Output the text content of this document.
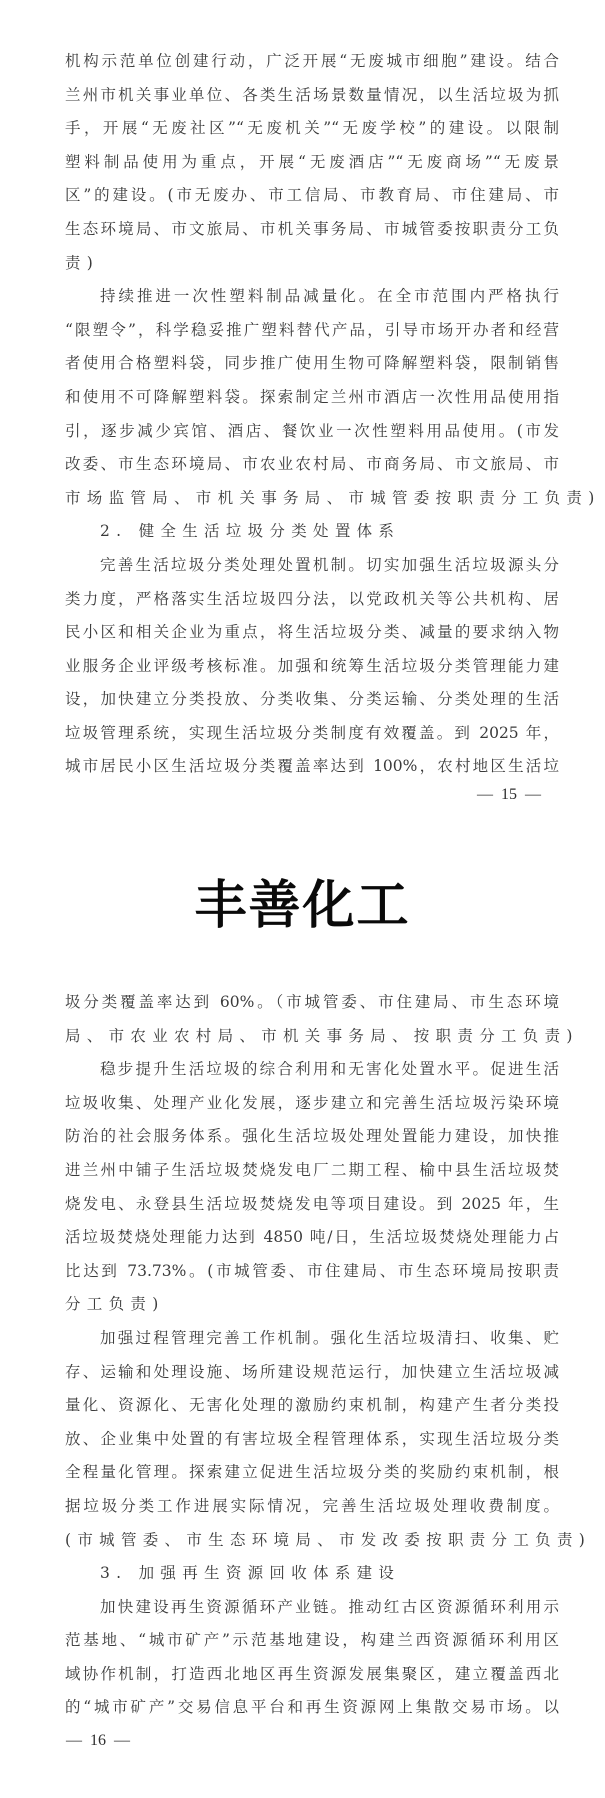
机构示范单位创建行动，广泛开展“无废城市细胞”建设。结合
兰州市机关事业单位、各类生活场景数量情况，以生活垃圾为抓
手，开展“无废社区”“无废机关”“无废学校”的建设。以限制
塑料制品使用为重点，开展“无废酒店”“无废商场”“无废景
区”的建设。(市无废办、市工信局、市教育局、市住建局、市
生态环境局、市文旅局、市机关事务局、市城管委按职责分工负
责)
持续推进一次性塑料制品减量化。在全市范围内严格执行
“限塑令”，科学稳妥推广塑料替代产品，引导市场开办者和经营
者使用合格塑料袋，同步推广使用生物可降解塑料袋，限制销售
和使用不可降解塑料袋。探索制定兰州市酒店一次性用品使用指
引，逐步减少宾馆、酒店、餐饮业一次性塑料用品使用。(市发
改委、市生态环境局、市农业农村局、市商务局、市文旅局、市
市场监管局、市机关事务局、市城管委按职责分工负责)
2. 健全生活垃圾分类处置体系
完善生活垃圾分类处理处置机制。切实加强生活垃圾源头分
类力度，严格落实生活垃圾四分法，以党政机关等公共机构、居
民小区和相关企业为重点，将生活垃圾分类、减量的要求纳入物
业服务企业评级考核标准。加强和统筹生活垃圾分类管理能力建
设，加快建立分类投放、分类收集、分类运输、分类处理的生活
垃圾管理系统，实现生活垃圾分类制度有效覆盖。到 2025 年，
城市居民小区生活垃圾分类覆盖率达到 100%，农村地区生活垃
—  15  —
丰善化工
圾分类覆盖率达到 60%。（市城管委、市住建局、市生态环境
局、市农业农村局、市机关事务局、按职责分工负责)
稳步提升生活垃圾的综合利用和无害化处置水平。促进生活
垃圾收集、处理产业化发展，逐步建立和完善生活垃圾污染环境
防治的社会服务体系。强化生活垃圾处理处置能力建设，加快推
进兰州中铺子生活垃圾焚烧发电厂二期工程、榆中县生活垃圾焚
烧发电、永登县生活垃圾焚烧发电等项目建设。到 2025 年，生
活垃圾焚烧处理能力达到 4850 吨/日，生活垃圾焚烧处理能力占
比达到 73.73%。(市城管委、市住建局、市生态环境局按职责
分工负责)
加强过程管理完善工作机制。强化生活垃圾清扫、收集、贮
存、运输和处理设施、场所建设规范运行，加快建立生活垃圾减
量化、资源化、无害化处理的激励约束机制，构建产生者分类投
放、企业集中处置的有害垃圾全程管理体系，实现生活垃圾分类
全程量化管理。探索建立促进生活垃圾分类的奖励约束机制，根
据垃圾分类工作进展实际情况，完善生活垃圾处理收费制度。
(市城管委、市生态环境局、市发改委按职责分工负责)
3. 加强再生资源回收体系建设
加快建设再生资源循环产业链。推动红古区资源循环利用示
范基地、“城市矿产”示范基地建设，构建兰西资源循环利用区
域协作机制，打造西北地区再生资源发展集聚区，建立覆盖西北
的“城市矿产”交易信息平台和再生资源网上集散交易市场。以
—  16  —
